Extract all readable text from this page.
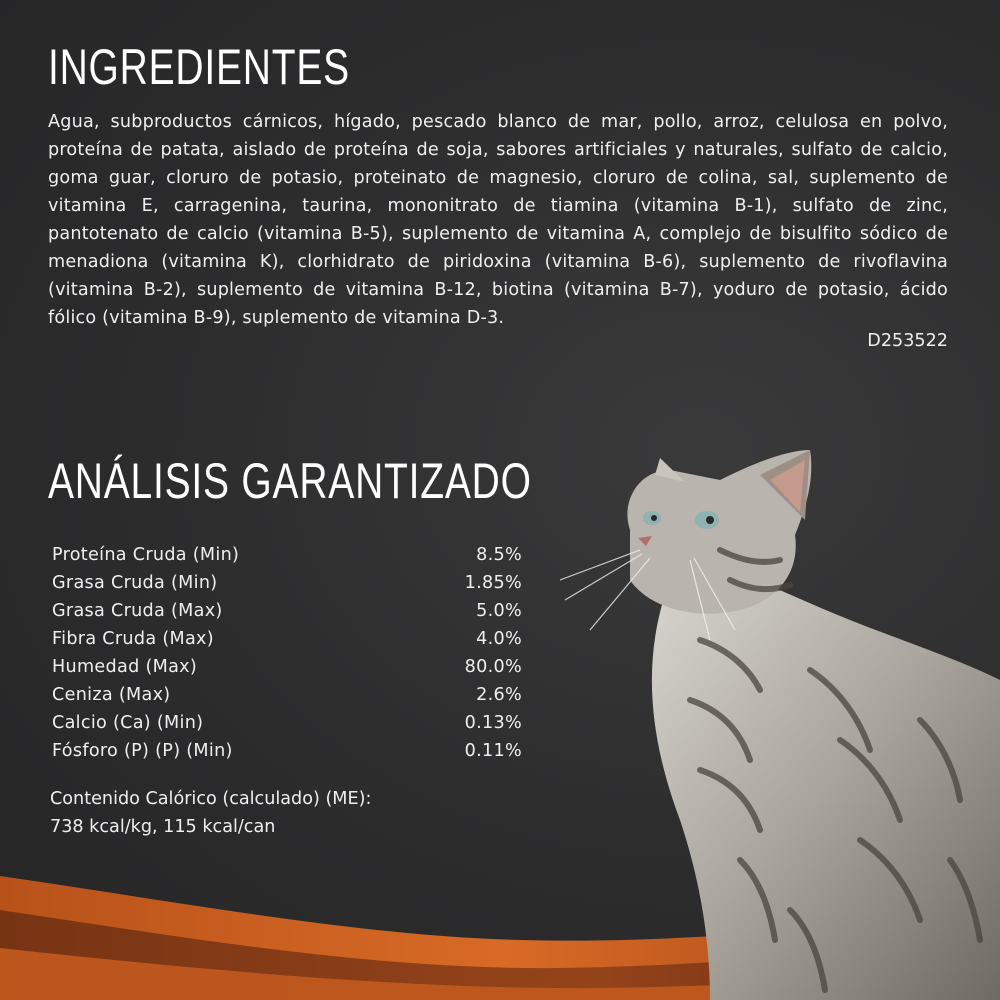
INGREDIENTES

Agua, subproductos cárnicos, hígado, pescado blanco de mar, pollo, arroz, celulosa en polvo, proteína de patata, aislado de proteína de soja, sabores artificiales y naturales, sulfato de calcio, goma guar, cloruro de potasio, proteinato de magnesio, cloruro de colina, sal, suplemento de vitamina E, carragenina, taurina, mononitrato de tiamina (vitamina B-1), sulfato de zinc, pantotenato de calcio (vitamina B-5), suplemento de vitamina A, complejo de bisulfito sódico de menadiona (vitamina K), clorhidrato de piridoxina (vitamina B-6), suplemento de rivoflavina (vitamina B-2), suplemento de vitamina B-12, biotina (vitamina B-7), yoduro de potasio, ácido fólico (vitamina B-9), suplemento de vitamina D-3.

D253522
ANÁLISIS GARANTIZADO
Proteína Cruda (Min)	8.5%
Grasa Cruda (Min)	1.85%
Grasa Cruda (Max)	5.0%
Fibra Cruda (Max)	4.0%
Humedad (Max)	80.0%
Ceniza (Max)	2.6%
Calcio (Ca) (Min)	0.13%
Fósforo (P) (P) (Min)	0.11%
Contenido Calórico (calculado) (ME):
738 kcal/kg, 115 kcal/can
